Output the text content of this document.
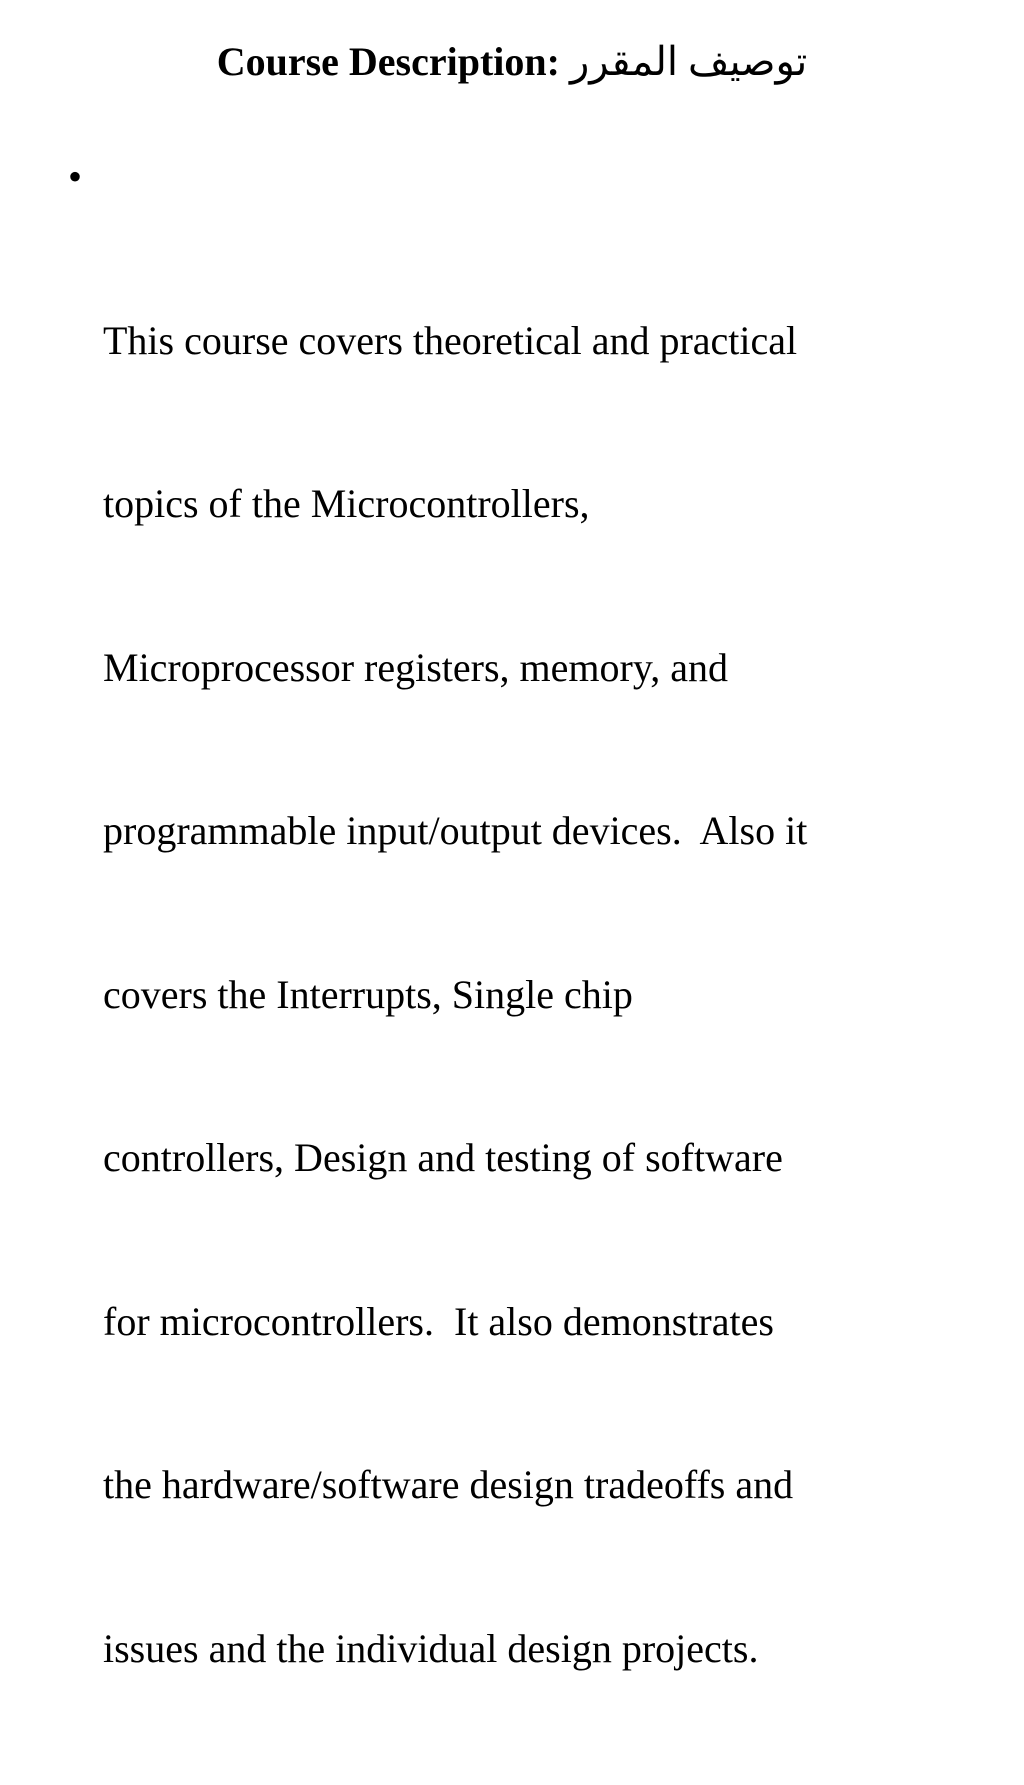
Course Description: توصيف المقرر

•

This course covers theoretical and practical

topics of the Microcontrollers,

Microprocessor registers, memory, and

programmable input/output devices.  Also it

covers the Interrupts, Single chip

controllers, Design and testing of software

for microcontrollers.  It also demonstrates

the hardware/software design tradeoffs and

issues and the individual design projects.
